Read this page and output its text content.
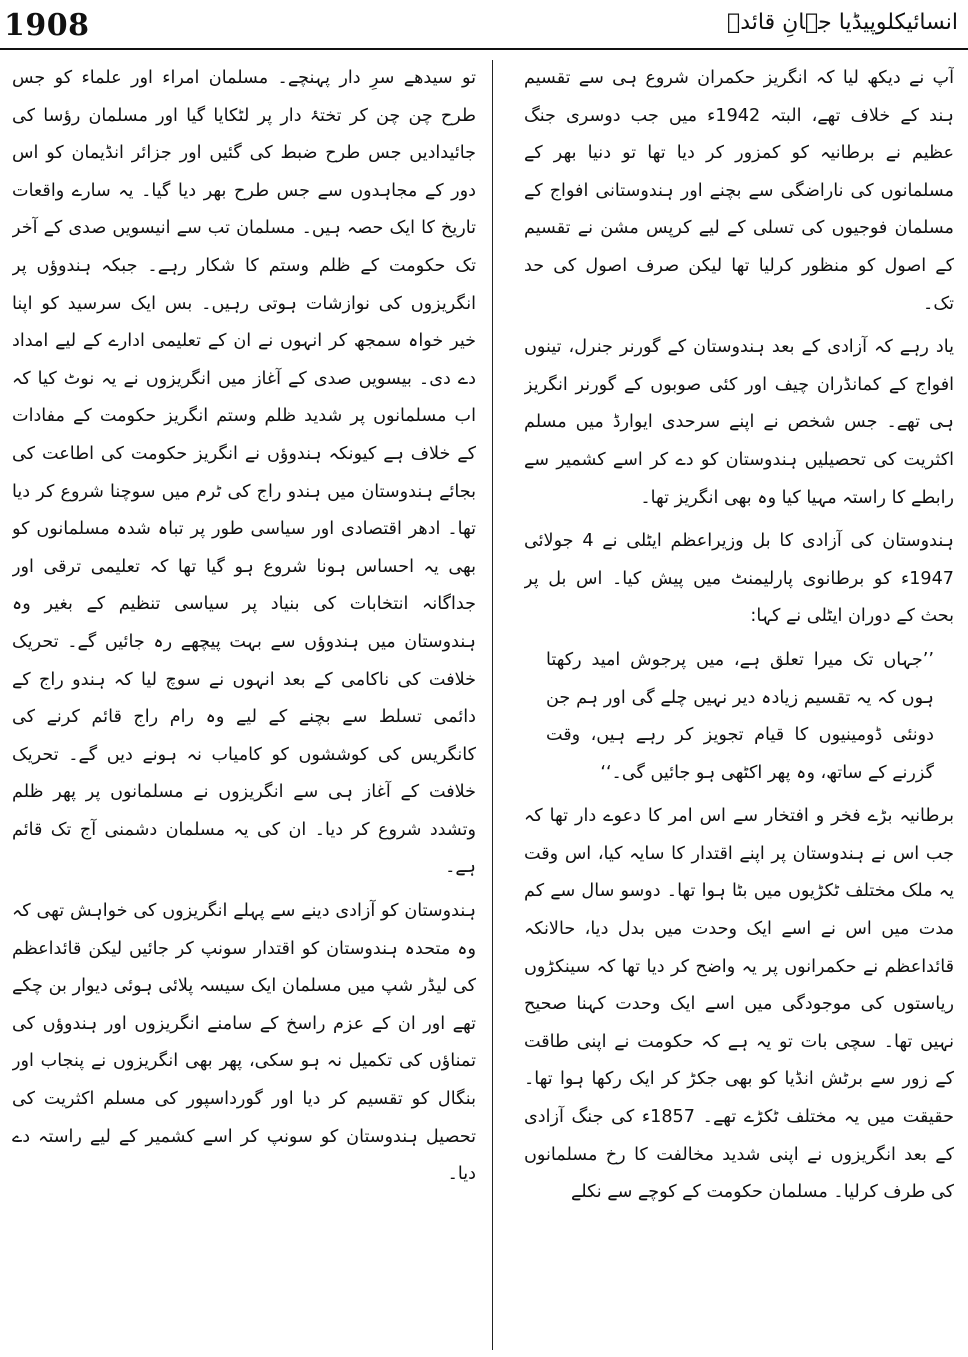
1908	انسائیکلوپیڈیا جہانِ قائدؒ

آپ نے دیکھ لیا کہ انگریز حکمران شروع ہی سے تقسیم ہند کے خلاف تھے، البتہ 1942ء میں جب دوسری جنگ عظیم نے برطانیہ کو کمزور کر دیا تھا تو دنیا بھر کے مسلمانوں کی ناراضگی سے بچنے اور ہندوستانی افواج کے مسلمان فوجیوں کی تسلی کے لیے کرپس مشن نے تقسیم کے اصول کو منظور کرلیا تھا لیکن صرف اصول کی حد تک۔

یاد رہے کہ آزادی کے بعد ہندوستان کے گورنر جنرل، تینوں افواج کے کمانڈران چیف اور کئی صوبوں کے گورنر انگریز ہی تھے۔ جس شخص نے اپنے سرحدی ایوارڈ میں مسلم اکثریت کی تحصیلیں ہندوستان کو دے کر اسے کشمیر سے رابطے کا راستہ مہیا کیا وہ بھی انگریز تھا۔

ہندوستان کی آزادی کا بل وزیراعظم ایٹلی نے 4 جولائی 1947ء کو برطانوی پارلیمنٹ میں پیش کیا۔ اس بل پر بحث کے دوران ایٹلی نے کہا:

’’جہاں تک میرا تعلق ہے، میں پرجوش امید رکھتا ہوں کہ یہ تقسیم زیادہ دیر نہیں چلے گی اور ہم جن دونئی ڈومینیوں کا قیام تجویز کر رہے ہیں، وقت گزرنے کے ساتھ، وہ پھر اکٹھی ہو جائیں گی۔‘‘

برطانیہ بڑے فخر و افتخار سے اس امر کا دعوے دار تھا کہ جب اس نے ہندوستان پر اپنے اقتدار کا سایہ کیا، اس وقت یہ ملک مختلف ٹکڑیوں میں بٹا ہوا تھا۔ دوسو سال سے کم مدت میں اس نے اسے ایک وحدت میں بدل دیا، حالانکہ قائداعظم نے حکمرانوں پر یہ واضح کر دیا تھا کہ سینکڑوں ریاستوں کی موجودگی میں اسے ایک وحدت کہنا صحیح نہیں تھا۔ سچی بات تو یہ ہے کہ حکومت نے اپنی طاقت کے زور سے برٹش انڈیا کو بھی جکڑ کر ایک رکھا ہوا تھا۔ حقیقت میں یہ مختلف ٹکڑے تھے۔ 1857ء کی جنگ آزادی کے بعد انگریزوں نے اپنی شدید مخالفت کا رخ مسلمانوں کی طرف کرلیا۔ مسلمان حکومت کے کوچے سے نکلے

تو سیدھے سرِ دار پہنچے۔ مسلمان امراء اور علماء کو جس طرح چن چن کر تختۂ دار پر لٹکایا گیا اور مسلمان رؤسا کی جائیدادیں جس طرح ضبط کی گئیں اور جزائر انڈیمان کو اس دور کے مجاہدوں سے جس طرح بھر دیا گیا۔ یہ سارے واقعات تاریخ کا ایک حصہ ہیں۔ مسلمان تب سے انیسویں صدی کے آخر تک حکومت کے ظلم وستم کا شکار رہے۔ جبکہ ہندوؤں پر انگریزوں کی نوازشات ہوتی رہیں۔ بس ایک سرسید کو اپنا خیر خواہ سمجھ کر انہوں نے ان کے تعلیمی ادارے کے لیے امداد دے دی۔ بیسویں صدی کے آغاز میں انگریزوں نے یہ نوٹ کیا کہ اب مسلمانوں پر شدید ظلم وستم انگریز حکومت کے مفادات کے خلاف ہے کیونکہ ہندوؤں نے انگریز حکومت کی اطاعت کی بجائے ہندوستان میں ہندو راج کی ٹرم میں سوچنا شروع کر دیا تھا۔ ادھر اقتصادی اور سیاسی طور پر تباہ شدہ مسلمانوں کو بھی یہ احساس ہونا شروع ہو گیا تھا کہ تعلیمی ترقی اور جداگانہ انتخابات کی بنیاد پر سیاسی تنظیم کے بغیر وہ ہندوستان میں ہندوؤں سے بہت پیچھے رہ جائیں گے۔ تحریک خلافت کی ناکامی کے بعد انہوں نے سوچ لیا کہ ہندو راج کے دائمی تسلط سے بچنے کے لیے وہ رام راج قائم کرنے کی کانگریس کی کوششوں کو کامیاب نہ ہونے دیں گے۔ تحریک خلافت کے آغاز ہی سے انگریزوں نے مسلمانوں پر پھر ظلم وتشدد شروع کر دیا۔ ان کی یہ مسلمان دشمنی آج تک قائم ہے۔

ہندوستان کو آزادی دینے سے پہلے انگریزوں کی خواہش تھی کہ وہ متحدہ ہندوستان کو اقتدار سونپ کر جائیں لیکن قائداعظم کی لیڈر شپ میں مسلمان ایک سیسہ پلائی ہوئی دیوار بن چکے تھے اور ان کے عزم راسخ کے سامنے انگریزوں اور ہندوؤں کی تمناؤں کی تکمیل نہ ہو سکی، پھر بھی انگریزوں نے پنجاب اور بنگال کو تقسیم کر دیا اور گورداسپور کی مسلم اکثریت کی تحصیل ہندوستان کو سونپ کر اسے کشمیر کے لیے راستہ دے دیا۔
